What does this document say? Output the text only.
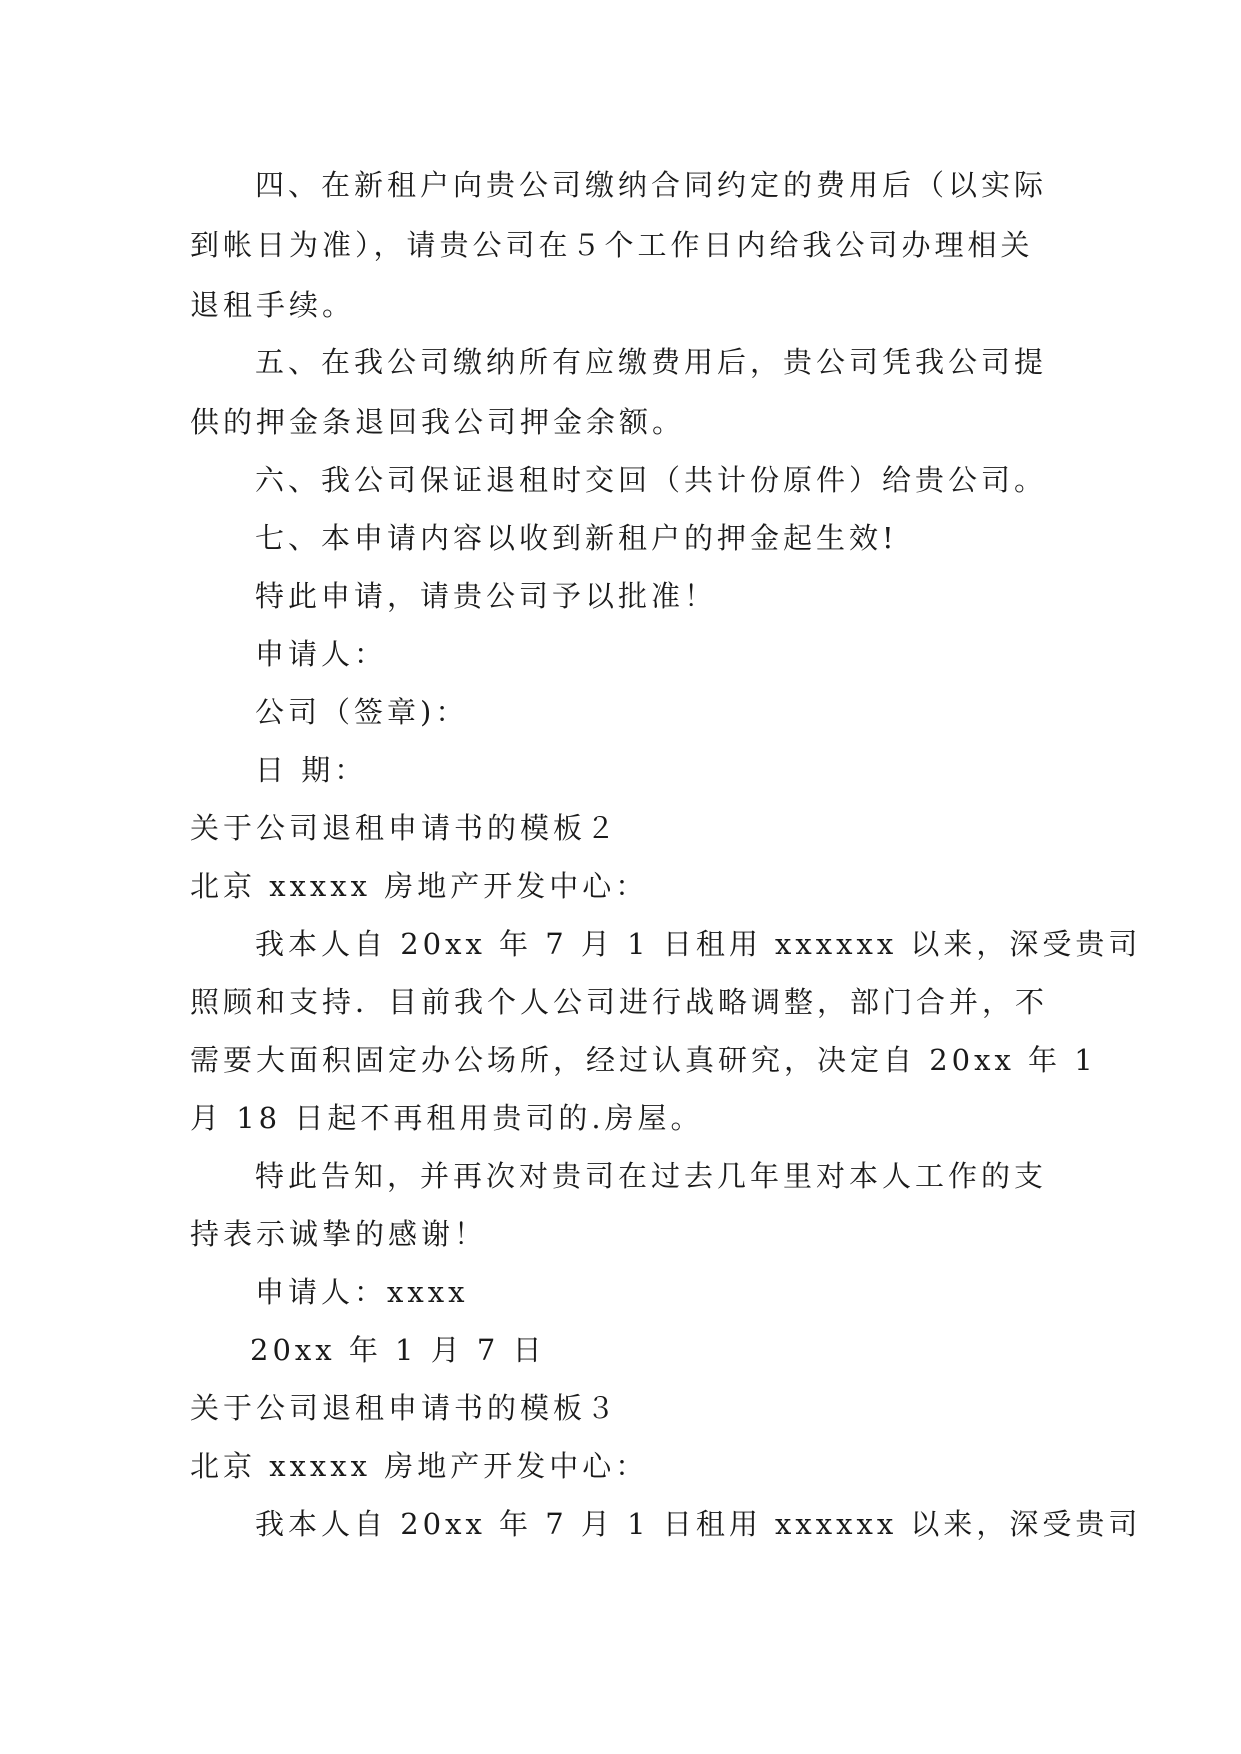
四、在新租户向贵公司缴纳合同约定的费用后（以实际
到帐日为准），请贵公司在５个工作日内给我公司办理相关
退租手续。
五、在我公司缴纳所有应缴费用后，贵公司凭我公司提
供的押金条退回我公司押金余额。
六、我公司保证退租时交回（共计份原件）给贵公司。
七、本申请内容以收到新租户的押金起生效!
特此申请，请贵公司予以批准！
申请人：
公司（签章)：
日 期：
关于公司退租申请书的模板２
北京 xxxxx 房地产开发中心：
我本人自 20xx 年 7 月 1 日租用 xxxxxx 以来，深受贵司
照顾和支持．目前我个人公司进行战略调整，部门合并，不
需要大面积固定办公场所，经过认真研究，决定自 20xx 年 1
月 18 日起不再租用贵司的.房屋。
特此告知，并再次对贵司在过去几年里对本人工作的支
持表示诚挚的感谢！
申请人：xxxx
20xx 年 1 月 7 日
关于公司退租申请书的模板３
北京 xxxxx 房地产开发中心：
我本人自 20xx 年 7 月 1 日租用 xxxxxx 以来，深受贵司
